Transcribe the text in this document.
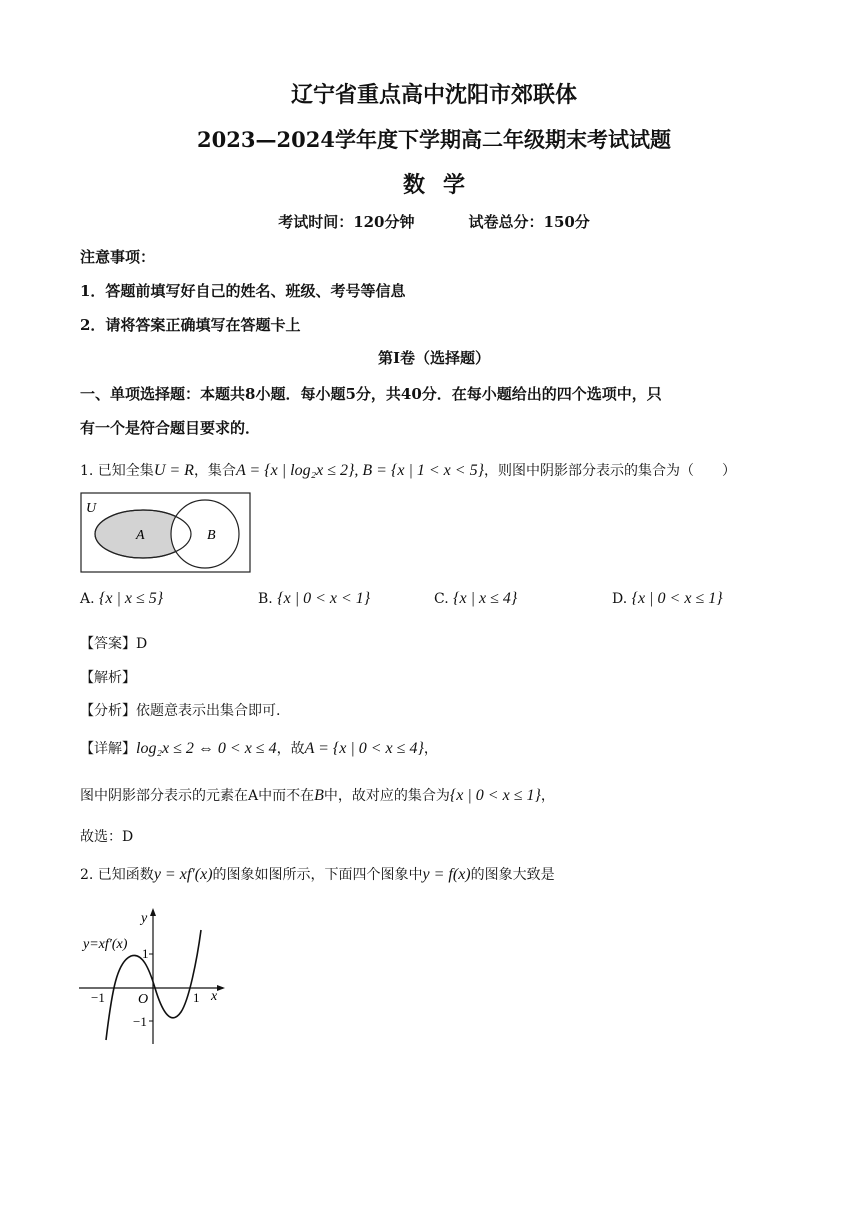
辽宁省重点高中沈阳市郊联体
2023—2024学年度下学期高二年级期末考试试题
数学
考试时间：120分钟	试卷总分：150分
注意事项：
1．答题前填写好自己的姓名、班级、考号等信息
2．请将答案正确填写在答题卡上
第Ⅰ卷（选择题）
一、单项选择题：本题共8小题．每小题5分，共40分．在每小题给出的四个选项中，只
有一个是符合题目要求的．
1. 已知全集U = R，集合A = {x | log₂x ≤ 2}, B = {x | 1 < x < 5}，则图中阴影部分表示的集合为（　　）
U
A	B
A. {x | x ≤ 5}	B. {x | 0 < x < 1}	C. {x | x ≤ 4}	D. {x | 0 < x ≤ 1}
【答案】D
【解析】
【分析】依题意表示出集合即可.
【详解】log₂x ≤ 2 ⇔ 0 < x ≤ 4，故A = {x | 0 < x ≤ 4}，
图中阴影部分表示的元素在A中而不在B中，故对应的集合为{x | 0 < x ≤ 1}，
故选：D
2. 已知函数y = xf′(x)的图象如图所示，下面四个图象中y = f(x)的图象大致是
y=xf′(x)
y
x
O
1
−1
−1	1
